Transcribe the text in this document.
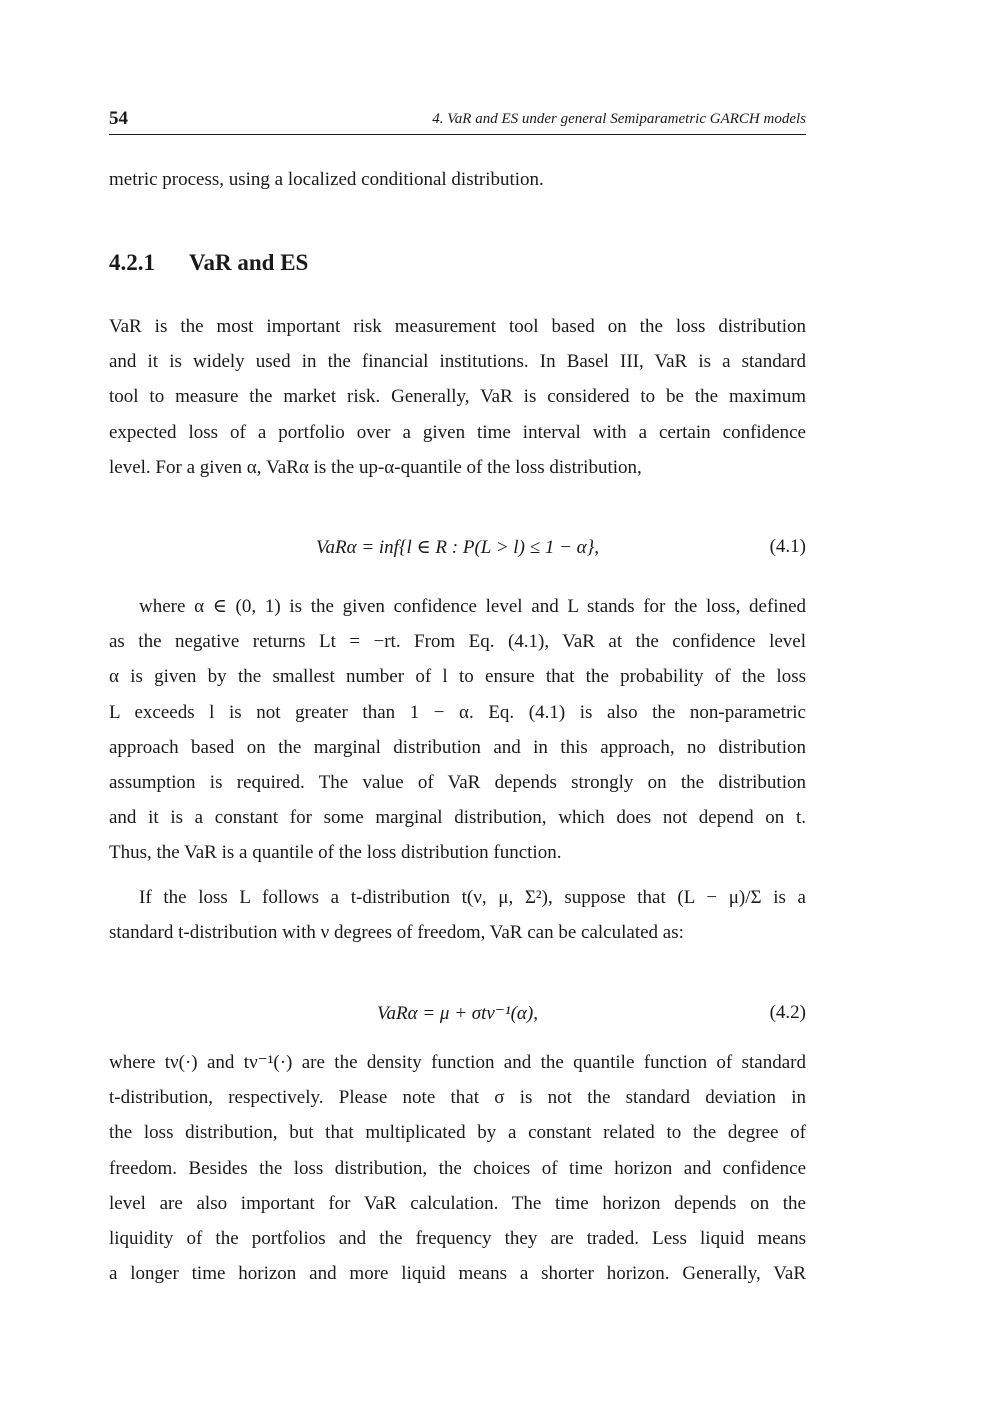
54	4. VaR and ES under general Semiparametric GARCH models

metric process, using a localized conditional distribution.

4.2.1 VaR and ES

VaR is the most important risk measurement tool based on the loss distribution
and it is widely used in the financial institutions. In Basel III, VaR is a standard
tool to measure the market risk. Generally, VaR is considered to be the maximum
expected loss of a portfolio over a given time interval with a certain confidence
level. For a given α, VaRα is the up-α-quantile of the loss distribution,

VaRα = inf{l ∈ R : P(L > l) ≤ 1 − α},	(4.1)

where α ∈ (0, 1) is the given confidence level and L stands for the loss, defined
as the negative returns Lt = −rt. From Eq. (4.1), VaR at the confidence level
α is given by the smallest number of l to ensure that the probability of the loss
L exceeds l is not greater than 1 − α. Eq. (4.1) is also the non-parametric
approach based on the marginal distribution and in this approach, no distribution
assumption is required. The value of VaR depends strongly on the distribution
and it is a constant for some marginal distribution, which does not depend on t.
Thus, the VaR is a quantile of the loss distribution function.

If the loss L follows a t-distribution t(ν, μ, Σ²), suppose that (L − μ)/Σ is a
standard t-distribution with ν degrees of freedom, VaR can be calculated as:

VaRα = μ + σtν⁻¹(α),	(4.2)

where tν(·) and tν⁻¹(·) are the density function and the quantile function of standard
t-distribution, respectively. Please note that σ is not the standard deviation in
the loss distribution, but that multiplicated by a constant related to the degree of
freedom. Besides the loss distribution, the choices of time horizon and confidence
level are also important for VaR calculation. The time horizon depends on the
liquidity of the portfolios and the frequency they are traded. Less liquid means
a longer time horizon and more liquid means a shorter horizon. Generally, VaR
